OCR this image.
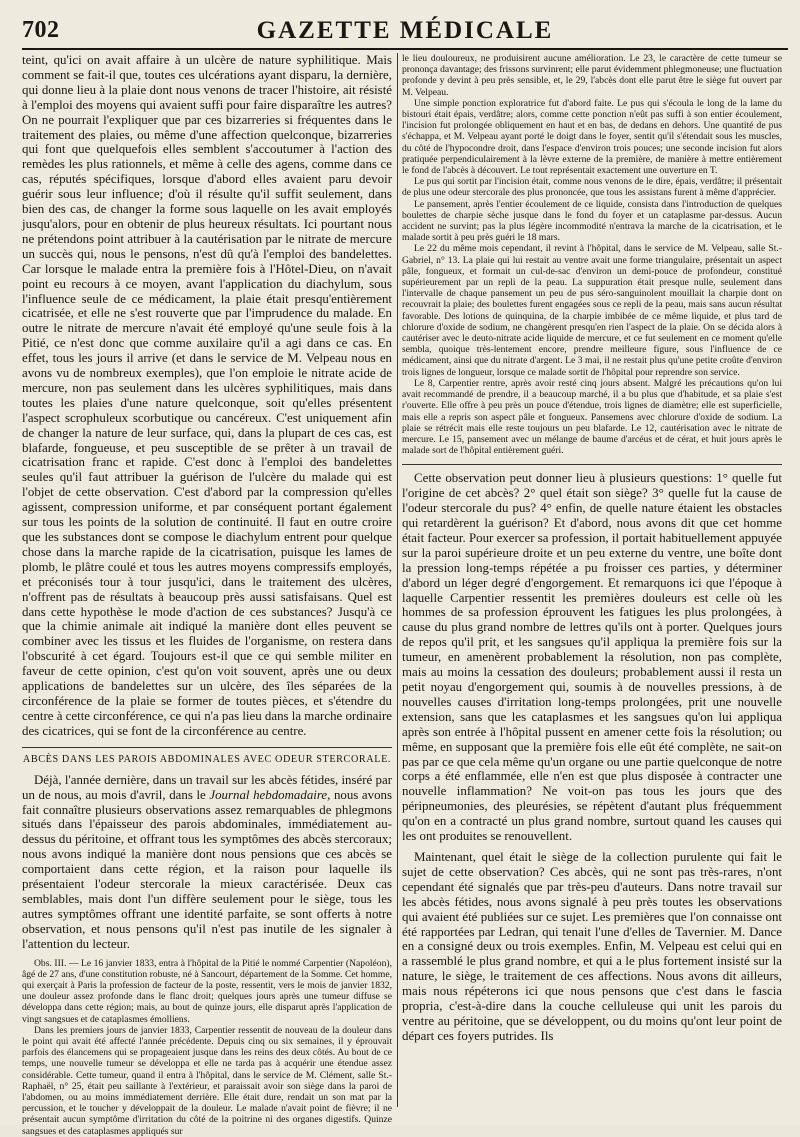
702	GAZETTE MÉDICALE

teint, qu'ici on avait affaire à un ulcère de nature syphilitique. Mais comment se fait-il que, toutes ces ulcérations ayant disparu, la dernière, qui donne lieu à la plaie dont nous venons de tracer l'histoire, ait résisté à l'emploi des moyens qui avaient suffi pour faire disparaître les autres? On ne pourrait l'expliquer que par ces bizarreries si fréquentes dans le traitement des plaies, ou même d'une affection quelconque, bizarreries qui font que quelquefois elles semblent s'accoutumer à l'action des remèdes les plus rationnels, et même à celle des agens, comme dans ce cas, réputés spécifiques, lorsque d'abord elles avaient paru devoir guérir sous leur influence; d'où il résulte qu'il suffit seulement, dans bien des cas, de changer la forme sous laquelle on les avait employés jusqu'alors, pour en obtenir de plus heureux résultats. Ici pourtant nous ne prétendons point attribuer à la cautérisation par le nitrate de mercure un succès qui, nous le pensons, n'est dû qu'à l'emploi des bandelettes. Car lorsque le malade entra la première fois à l'Hôtel-Dieu, on n'avait point eu recours à ce moyen, avant l'application du diachylum, sous l'influence seule de ce médicament, la plaie était presqu'entièrement cicatrisée, et elle ne s'est rouverte que par l'imprudence du malade. En outre le nitrate de mercure n'avait été employé qu'une seule fois à la Pitié, ce n'est donc que comme auxilaire qu'il a agi dans ce cas. En effet, tous les jours il arrive (et dans le service de M. Velpeau nous en avons vu de nombreux exemples), que l'on emploie le nitrate acide de mercure, non pas seulement dans les ulcères syphilitiques, mais dans toutes les plaies d'une nature quelconque, soit qu'elles présentent l'aspect scrophuleux scorbutique ou cancéreux. C'est uniquement afin de changer la nature de leur surface, qui, dans la plupart de ces cas, est blafarde, fongueuse, et peu susceptible de se prêter à un travail de cicatrisation franc et rapide. C'est donc à l'emploi des bandelettes seules qu'il faut attribuer la guérison de l'ulcère du malade qui est l'objet de cette observation. C'est d'abord par la compression qu'elles agissent, compression uniforme, et par conséquent portant également sur tous les points de la solution de continuité. Il faut en outre croire que les substances dont se compose le diachylum entrent pour quelque chose dans la marche rapide de la cicatrisation, puisque les lames de plomb, le plâtre coulé et tous les autres moyens compressifs employés, et préconisés tour à tour jusqu'ici, dans le traitement des ulcères, n'offrent pas de résultats à beaucoup près aussi satisfaisans. Quel est dans cette hypothèse le mode d'action de ces substances? Jusqu'à ce que la chimie animale ait indiqué la manière dont elles peuvent se combiner avec les tissus et les fluides de l'organisme, on restera dans l'obscurité à cet égard. Toujours est-il que ce qui semble militer en faveur de cette opinion, c'est qu'on voit souvent, après une ou deux applications de bandelettes sur un ulcère, des îles séparées de la circonférence de la plaie se former de toutes pièces, et s'étendre du centre à cette circonférence, ce qui n'a pas lieu dans la marche ordinaire des cicatrices, qui se font de la circonférence au centre.

ABCÈS DANS LES PAROIS ABDOMINALES AVEC ODEUR STERCORALE.

Déjà, l'année dernière, dans un travail sur les abcès fétides, inséré par un de nous, au mois d'avril, dans le Journal hebdomadaire, nous avons fait connaître plusieurs observations assez remarquables de phlegmons situés dans l'épaisseur des parois abdominales, immédiatement au-dessus du péritoine, et offrant tous les symptômes des abcès stercoraux; nous avons indiqué la manière dont nous pensions que ces abcès se comportaient dans cette région, et la raison pour laquelle ils présentaient l'odeur stercorale la mieux caractérisée. Deux cas semblables, mais dont l'un diffère seulement pour le siège, tous les autres symptômes offrant une identité parfaite, se sont offerts à notre observation, et nous pensons qu'il n'est pas inutile de les signaler à l'attention du lecteur.

Obs. III. — Le 16 janvier 1833, entra à l'hôpital de la Pitié le nommé Carpentier (Napoléon), âgé de 27 ans, d'une constitution robuste, né à Sancourt, département de la Somme. Cet homme, qui exerçait à Paris la profession de facteur de la poste, ressentit, vers le mois de janvier 1832, une douleur assez profonde dans le flanc droit; quelques jours après une tumeur diffuse se développa dans cette région; mais, au bout de quinze jours, elle disparut après l'application de vingt sangsues et de cataplasmes émolliens.

Dans les premiers jours de janvier 1833, Carpentier ressentit de nouveau de la douleur dans le point qui avait été affecté l'année précédente. Depuis cinq ou six semaines, il y éprouvait parfois des élancemens qui se propageaient jusque dans les reins des deux côtés. Au bout de ce temps, une nouvelle tumeur se développa et elle ne tarda pas à acquérir une étendue assez considérable. Cette tumeur, quand il entra à l'hôpital, dans le service de M. Clément, salle St.-Raphaël, n° 25, était peu saillante à l'extérieur, et paraissait avoir son siège dans la paroi de l'abdomen, ou au moins immédiatement derrière. Elle était dure, rendait un son mat par la percussion, et le toucher y développait de la douleur. Le malade n'avait point de fièvre; il ne présentait aucun symptôme d'irritation du côté de la poitrine ni des organes digestifs. Quinze sangsues et des cataplasmes appliqués sur

le lieu douloureux, ne produisirent aucune amélioration. Le 23, le caractère de cette tumeur se prononça davantage; des frissons survinrent; elle parut évidemment phlegmoneuse; une fluctuation profonde y devint à peu près sensible, et, le 29, l'abcès dont elle parut être le siège fut ouvert par M. Velpeau.

Une simple ponction exploratrice fut d'abord faite. Le pus qui s'écoula le long de la lame du bistouri était épais, verdâtre; alors, comme cette ponction n'eût pas suffi à son entier écoulement, l'incision fut prolongée obliquement en haut et en bas, de dedans en dehors. Une quantité de pus s'échappa, et M. Velpeau ayant porté le doigt dans le foyer, sentit qu'il s'étendait sous les muscles, du côté de l'hypocondre droit, dans l'espace d'environ trois pouces; une seconde incision fut alors pratiquée perpendiculairement à la lèvre externe de la première, de manière à mettre entièrement le fond de l'abcès à découvert. Le tout représentait exactement une ouverture en T.

Le pus qui sortit par l'incision était, comme nous venons de le dire, épais, verdâtre; il présentait de plus une odeur stercorale des plus prononcée, que tous les assistans furent à même d'apprécier.

Le pansement, après l'entier écoulement de ce liquide, consista dans l'introduction de quelques boulettes de charpie sèche jusque dans le fond du foyer et un cataplasme par-dessus. Aucun accident ne survint; pas la plus légère incommodité n'entrava la marche de la cicatrisation, et le malade sortit à peu près guéri le 18 mars.

Le 22 du même mois cependant, il revint à l'hôpital, dans le service de M. Velpeau, salle St.-Gabriel, n° 13. La plaie qui lui restait au ventre avait une forme triangulaire, présentait un aspect pâle, fongueux, et formait un cul-de-sac d'environ un demi-pouce de profondeur, constitué supérieurement par un repli de la peau. La suppuration était presque nulle, seulement dans l'intervalle de chaque pansement un peu de pus séro-sanguinolent mouillait la charpie dont on recouvrait la plaie; des boulettes furent engagées sous ce repli de la peau, mais sans aucun résultat favorable. Des lotions de quinquina, de la charpie imbibée de ce même liquide, et plus tard de chlorure d'oxide de sodium, ne changèrent presqu'en rien l'aspect de la plaie. On se décida alors à cautériser avec le deuto-nitrate acide liquide de mercure, et ce fut seulement en ce moment qu'elle sembla, quoique très-lentement encore, prendre meilleure figure, sous l'influence de ce médicament, ainsi que du nitrate d'argent. Le 3 mai, il ne restait plus qu'une petite croûte d'environ trois lignes de longueur, lorsque ce malade sortit de l'hôpital pour reprendre son service.

Le 8, Carpentier rentre, après avoir resté cinq jours absent. Malgré les précautions qu'on lui avait recommandé de prendre, il a beaucoup marché, il a bu plus que d'habitude, et sa plaie s'est r'ouverte. Elle offre à peu près un pouce d'étendue, trois lignes de diamètre; elle est superficielle, mais elle a repris son aspect pâle et fongueux. Pansemens avec chlorure d'oxide de sodium. La plaie se rétrécit mais elle reste toujours un peu blafarde. Le 12, cautérisation avec le nitrate de mercure. Le 15, pansement avec un mélange de baume d'arcéus et de cérat, et huit jours après le malade sort de l'hôpital entièrement guéri.

Cette observation peut donner lieu à plusieurs questions: 1° quelle fut l'origine de cet abcès? 2° quel était son siège? 3° quelle fut la cause de l'odeur stercorale du pus? 4° enfin, de quelle nature étaient les obstacles qui retardèrent la guérison? Et d'abord, nous avons dit que cet homme était facteur. Pour exercer sa profession, il portait habituellement appuyée sur la paroi supérieure droite et un peu externe du ventre, une boîte dont la pression long-temps répétée a pu froisser ces parties, y déterminer d'abord un léger degré d'engorgement. Et remarquons ici que l'époque à laquelle Carpentier ressentit les premières douleurs est celle où les hommes de sa profession éprouvent les fatigues les plus prolongées, à cause du plus grand nombre de lettres qu'ils ont à porter. Quelques jours de repos qu'il prit, et les sangsues qu'il appliqua la première fois sur la tumeur, en amenèrent probablement la résolution, non pas complète, mais au moins la cessation des douleurs; probablement aussi il resta un petit noyau d'engorgement qui, soumis à de nouvelles pressions, à de nouvelles causes d'irritation long-temps prolongées, prit une nouvelle extension, sans que les cataplasmes et les sangsues qu'on lui appliqua après son entrée à l'hôpital pussent en amener cette fois la résolution; ou même, en supposant que la première fois elle eût été complète, ne sait-on pas par ce que cela même qu'un organe ou une partie quelconque de notre corps a été enflammée, elle n'en est que plus disposée à contracter une nouvelle inflammation? Ne voit-on pas tous les jours que des péripneumonies, des pleurésies, se répètent d'autant plus fréquemment qu'on en a contracté un plus grand nombre, surtout quand les causes qui les ont produites se renouvellent.

Maintenant, quel était le siège de la collection purulente qui fait le sujet de cette observation? Ces abcès, qui ne sont pas très-rares, n'ont cependant été signalés que par très-peu d'auteurs. Dans notre travail sur les abcès fétides, nous avons signalé à peu près toutes les observations qui avaient été publiées sur ce sujet. Les premières que l'on connaisse ont été rapportées par Ledran, qui tenait l'une d'elles de Tavernier. M. Dance en a consigné deux ou trois exemples. Enfin, M. Velpeau est celui qui en a rassemblé le plus grand nombre, et qui a le plus fortement insisté sur la nature, le siège, le traitement de ces affections. Nous avons dit ailleurs, mais nous répéterons ici que nous pensons que c'est dans le fascia propria, c'est-à-dire dans la couche celluleuse qui unit les parois du ventre au péritoine, que se développent, ou du moins qu'ont leur point de départ ces foyers putrides. Ils
